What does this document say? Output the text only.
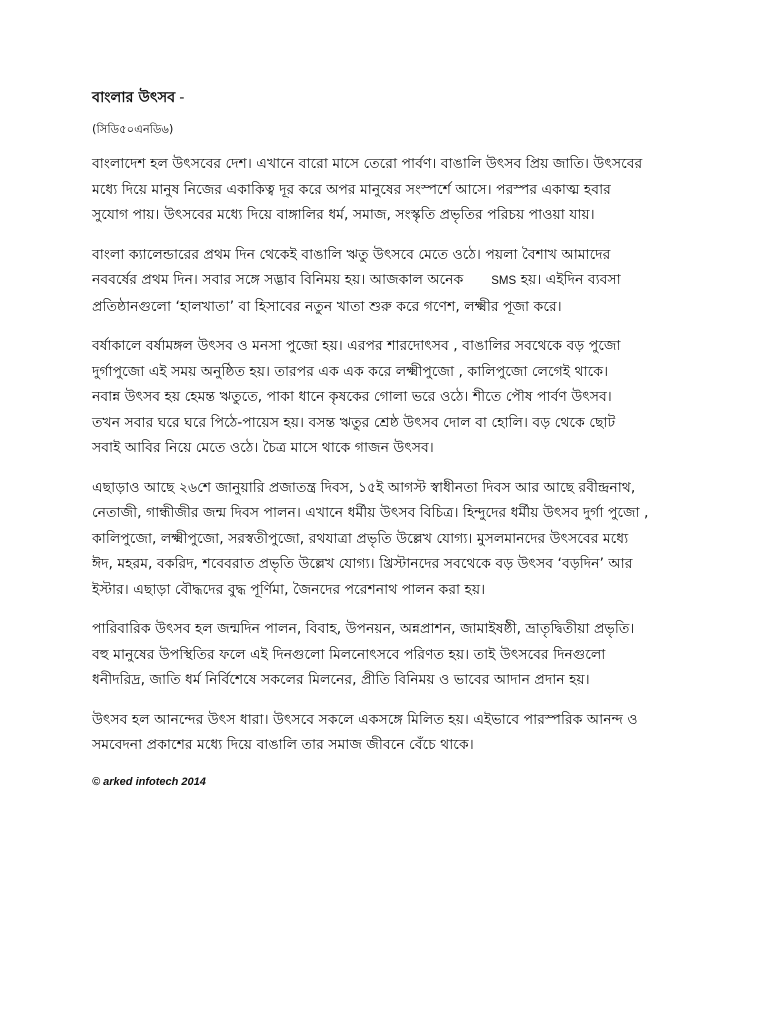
বাংলার উৎসব -
(সিডি৫০এনডি৬)

বাংলাদেশ হল উৎসবের দেশ। এখানে বারো মাসে তেরো পার্বণ। বাঙালি উৎসব প্রিয় জাতি। উৎসবের
মধ্যে দিয়ে মানুষ নিজের একাকিত্ব দূর করে অপর মানুষের সংস্পর্শে আসে। পরস্পর একাত্ম হবার
সুযোগ পায়। উৎসবের মধ্যে দিয়ে বাঙ্গালির ধর্ম, সমাজ, সংস্কৃতি প্রভৃতির পরিচয় পাওয়া যায়।

বাংলা ক্যালেন্ডারের প্রথম দিন থেকেই বাঙালি ঋতু উৎসবে মেতে ওঠে। পয়লা বৈশাখ আমাদের
নববর্ষের প্রথম দিন। সবার সঙ্গে সদ্ভাব বিনিময় হয়। আজকাল অনেক SMS হয়। এইদিন ব্যবসা
প্রতিষ্ঠানগুলো ‘হালখাতা’ বা হিসাবের নতুন খাতা শুরু করে গণেশ, লক্ষ্মীর পূজা করে।

বর্ষাকালে বর্ষামঙ্গল উৎসব ও মনসা পুজো হয়। এরপর শারদোৎসব , বাঙালির সবথেকে বড় পুজো
দুর্গাপুজো এই সময় অনুষ্ঠিত হয়। তারপর এক এক করে লক্ষ্মীপুজো , কালিপুজো লেগেই থাকে।
নবান্ন উৎসব হয় হেমন্ত ঋতুতে, পাকা ধানে কৃষকের গোলা ভরে ওঠে। শীতে পৌষ পার্বণ উৎসব।
তখন সবার ঘরে ঘরে পিঠে-পায়েস হয়। বসন্ত ঋতুর শ্রেষ্ঠ উৎসব দোল বা হোলি। বড় থেকে ছোট
সবাই আবির নিয়ে মেতে ওঠে। চৈত্র মাসে থাকে গাজন উৎসব।

এছাড়াও আছে ২৬শে জানুয়ারি প্রজাতন্ত্র দিবস, ১৫ই আগস্ট স্বাধীনতা দিবস আর আছে রবীন্দ্রনাথ,
নেতাজী, গান্ধীজীর জন্ম দিবস পালন। এখানে ধর্মীয় উৎসব বিচিত্র। হিন্দুদের ধর্মীয় উৎসব দুর্গা পুজো ,
কালিপুজো, লক্ষ্মীপুজো, সরস্বতীপুজো, রথযাত্রা প্রভৃতি উল্লেখ যোগ্য। মুসলমানদের উৎসবের মধ্যে
ঈদ, মহরম, বকরিদ, শবেবরাত প্রভৃতি উল্লেখ যোগ্য। খ্রিস্টানদের সবথেকে বড় উৎসব ‘বড়দিন’ আর
ইস্টার। এছাড়া বৌদ্ধদের বুদ্ধ পূর্ণিমা, জৈনদের পরেশনাথ পালন করা হয়।

পারিবারিক উৎসব হল জন্মদিন পালন, বিবাহ, উপনয়ন, অন্নপ্রাশন, জামাইষষ্ঠী, ভ্রাতৃদ্বিতীয়া প্রভৃতি।
বহু মানুষের উপস্থিতির ফলে এই দিনগুলো মিলনোৎসবে পরিণত হয়। তাই উৎসবের দিনগুলো
ধনীদরিদ্র, জাতি ধর্ম নির্বিশেষে সকলের মিলনের, প্রীতি বিনিময় ও ভাবের আদান প্রদান হয়।

উৎসব হল আনন্দের উৎস ধারা। উৎসবে সকলে একসঙ্গে মিলিত হয়। এইভাবে পারস্পরিক আনন্দ ও
সমবেদনা প্রকাশের মধ্যে দিয়ে বাঙালি তার সমাজ জীবনে বেঁচে থাকে।

© arked infotech 2014
